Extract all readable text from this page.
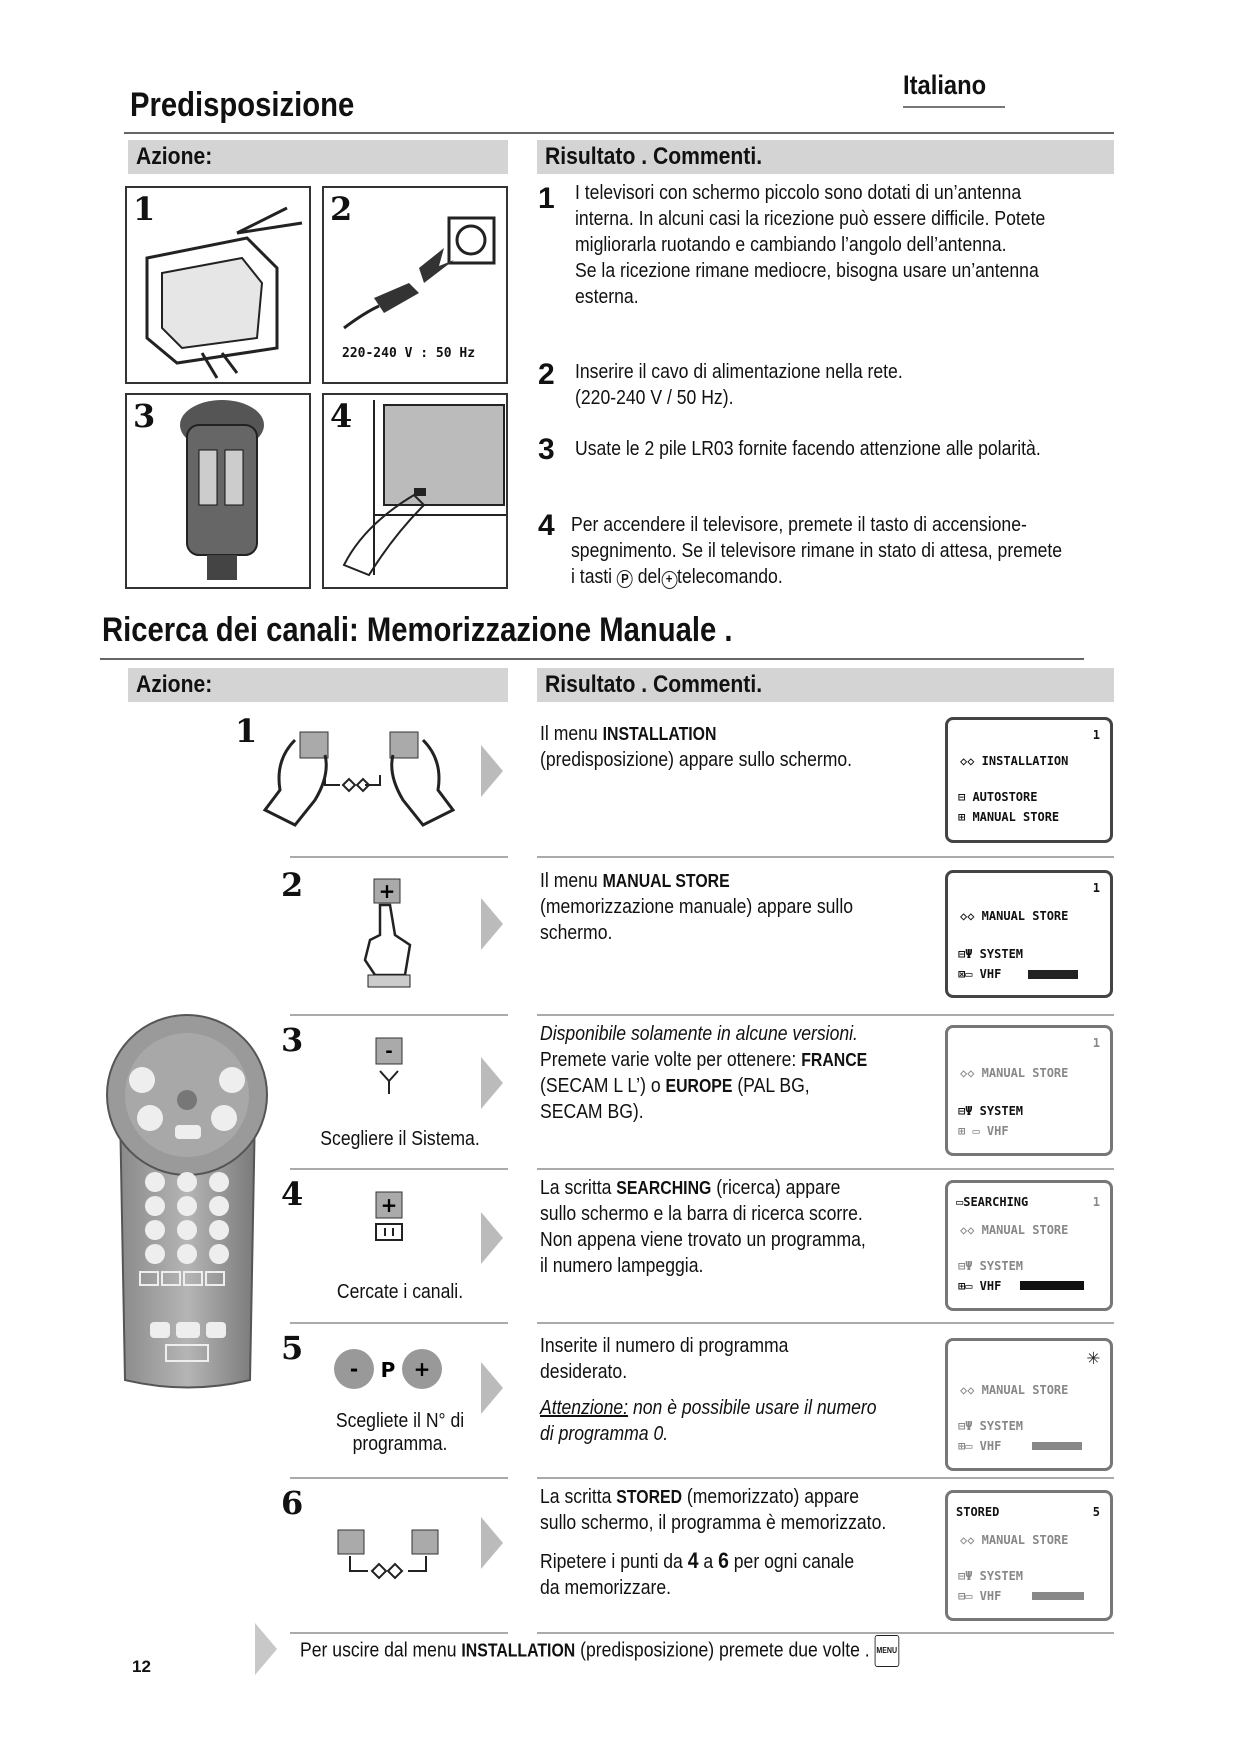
Italiano
Predisposizione
Azione:	Risultato . Commenti.
1	2
220-240 V : 50 Hz
3	4
1 I televisori con schermo piccolo sono dotati di un’antenna
interna. In alcuni casi la ricezione può essere difficile. Potete
migliorarla ruotando e cambiando l’angolo dell’antenna.
Se la ricezione rimane mediocre, bisogna usare un’antenna
esterna.
2 Inserire il cavo di alimentazione nella rete.
(220-240 V / 50 Hz).
3 Usate le 2 pile LR03 fornite facendo attenzione alle polarità.
4 Per accendere il televisore, premete il tasto di accensione-
spegnimento. Se il televisore rimane in stato di attesa, premete
i tasti P del + telecomando.
Ricerca dei canali: Memorizzazione Manuale .
Azione:	Risultato . Commenti.
1	Il menu INSTALLATION
(predisposizione) appare sullo schermo.
1
◇◇ INSTALLATION
⊟ AUTOSTORE
⊞ MANUAL STORE
2	+	Il menu MANUAL STORE
(memorizzazione manuale) appare sullo
schermo.
1
◇◇ MANUAL STORE
⊟Ψ SYSTEM
⊠▭ VHF
3	-
Scegliere il Sistema.
Disponibile solamente in alcune versioni.
Premete varie volte per ottenere: FRANCE
(SECAM L L’) o EUROPE (PAL BG,
SECAM BG).
1
◇◇ MANUAL STORE
⊟Ψ SYSTEM
⊞ ▭ VHF
4	+
Cercate i canali.
La scritta SEARCHING (ricerca) appare
sullo schermo e la barra di ricerca scorre.
Non appena viene trovato un programma,
il numero lampeggia.
1
▭SEARCHING
◇◇ MANUAL STORE
⊟Ψ SYSTEM
⊞▭ VHF
5
- P +
Scegliete il N° di
programma.
Inserite il numero di programma
desiderato.
Attenzione: non è possibile usare il numero
di programma 0.
✳
◇◇ MANUAL STORE
⊟Ψ SYSTEM
⊞▭ VHF
6	La scritta STORED (memorizzato) appare
sullo schermo, il programma è memorizzato.
Ripetere i punti da 4 a 6 per ogni canale
da memorizzare.
5
STORED
◇◇ MANUAL STORE
⊟Ψ SYSTEM
⊟▭ VHF
Per uscire dal menu INSTALLATION (predisposizione) premete due volte . MENU
12
